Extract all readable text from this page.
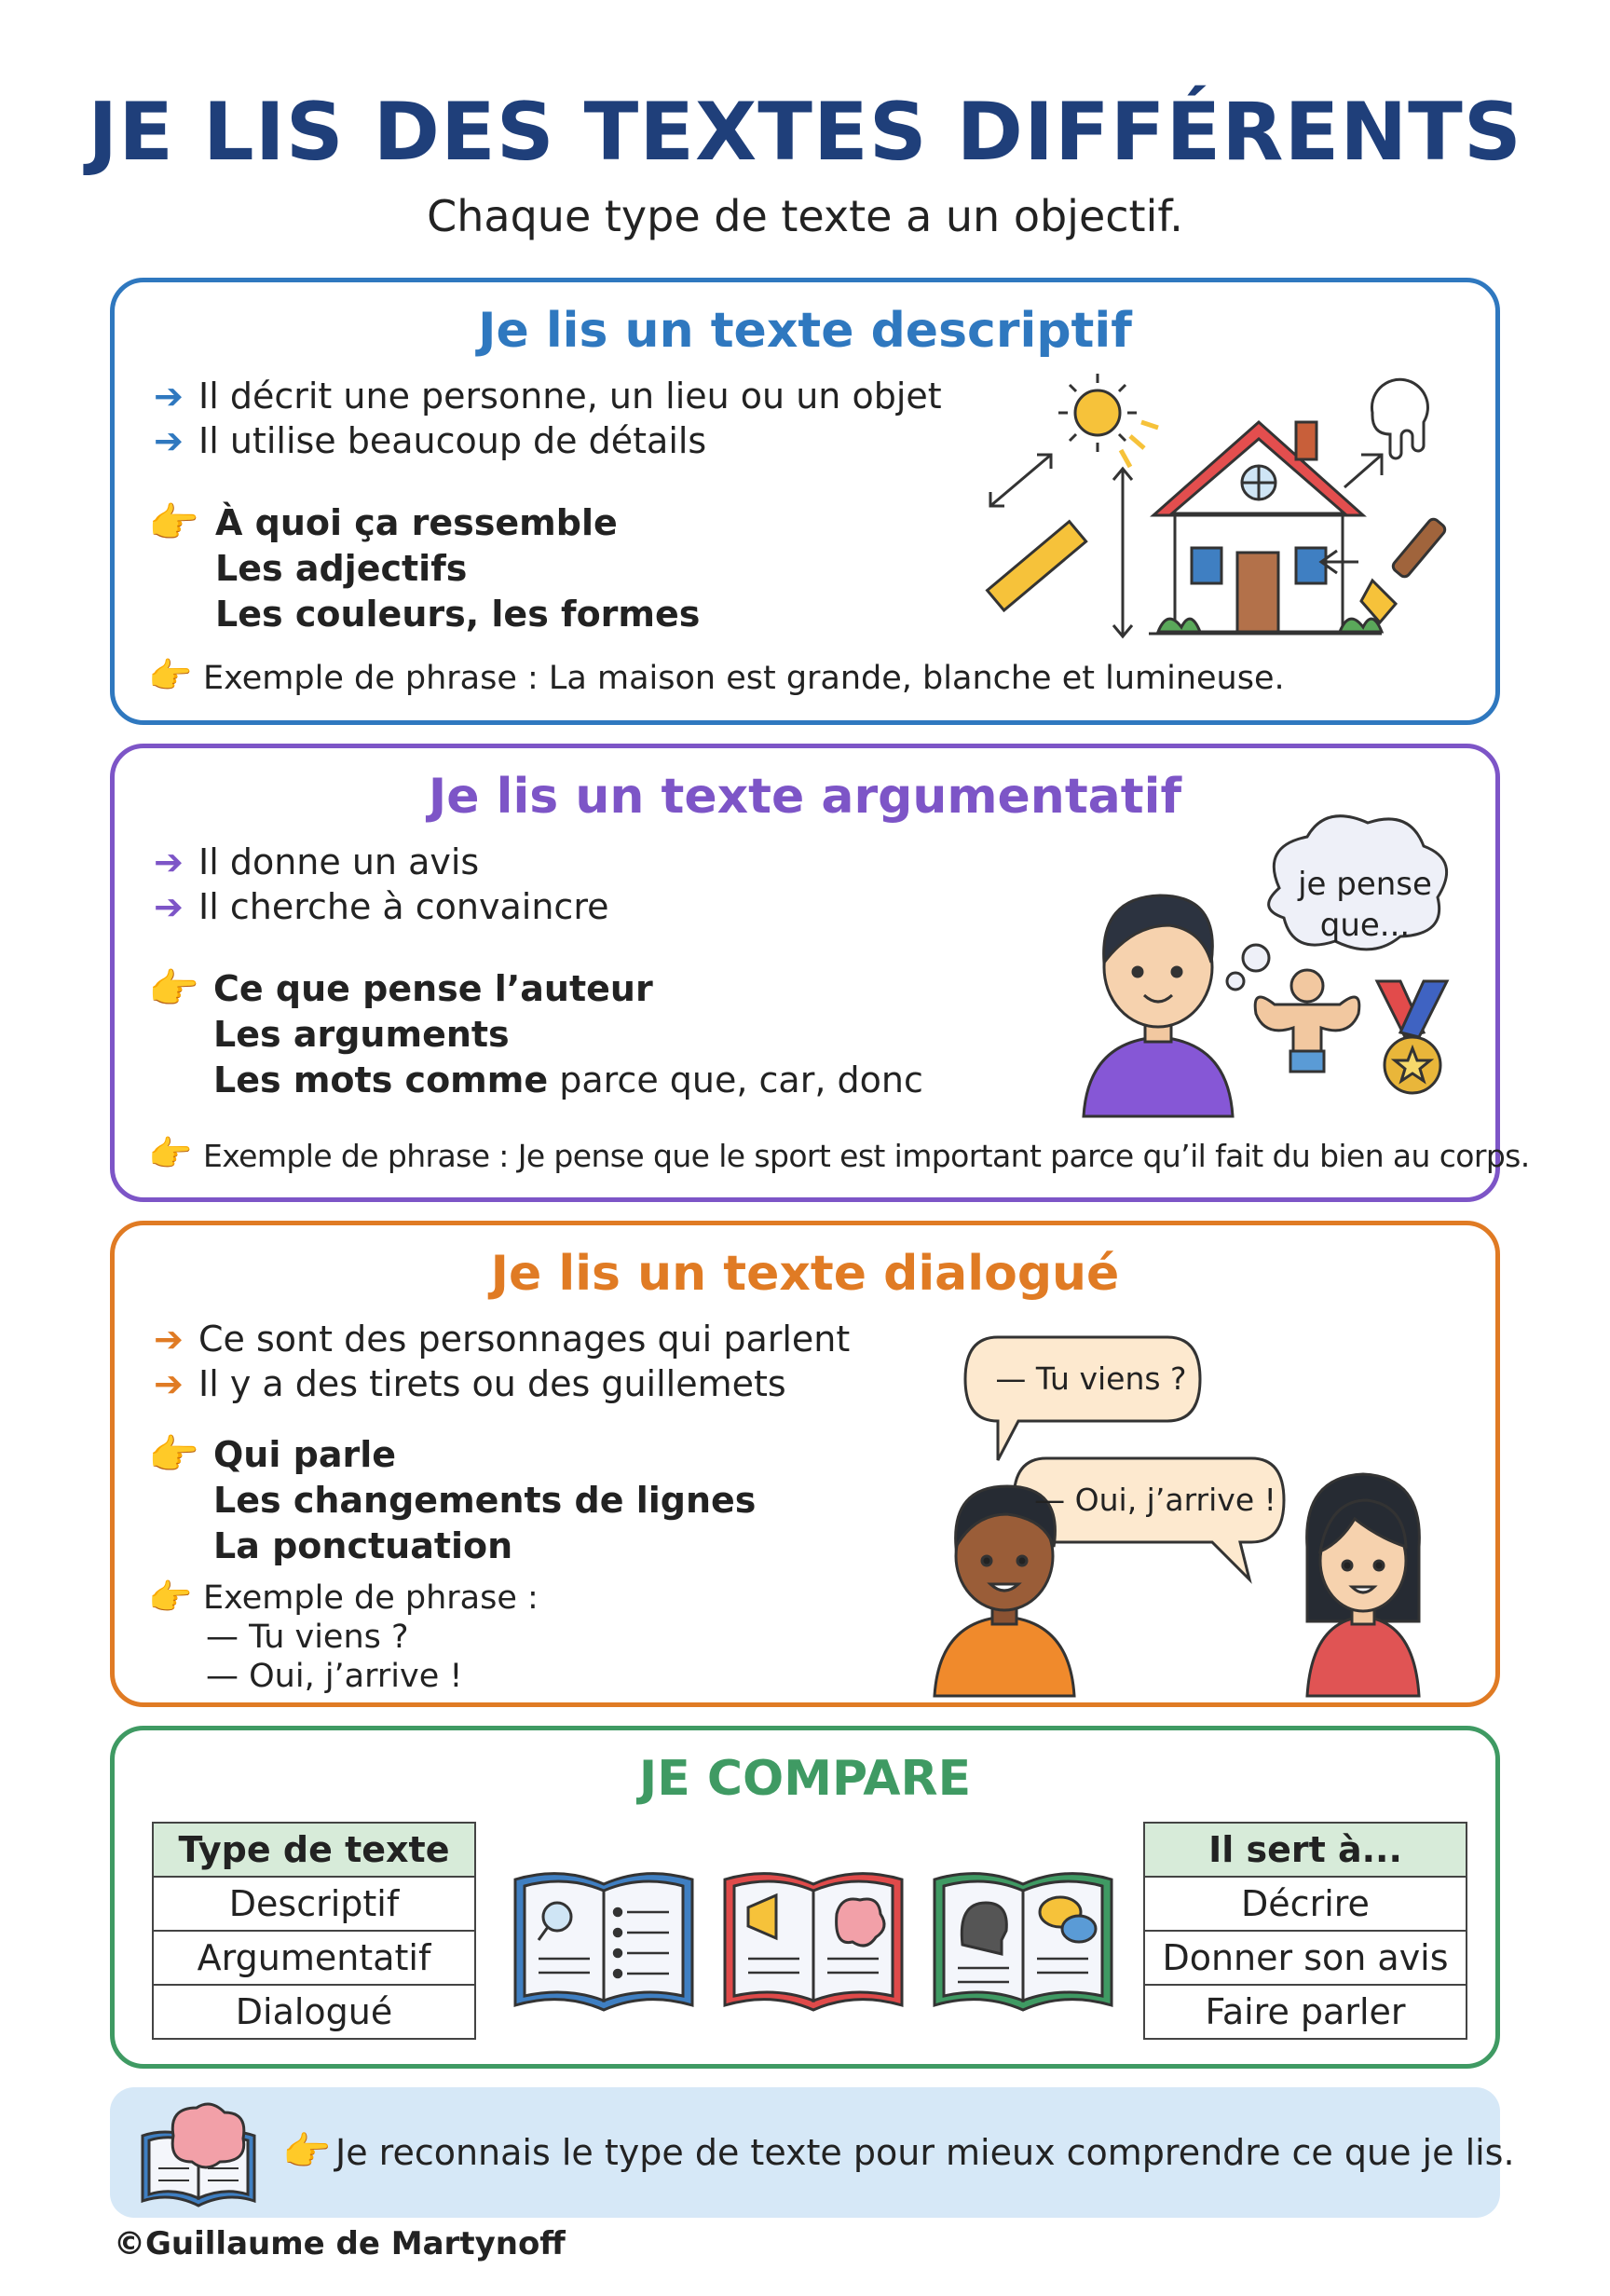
JE LIS DES TEXTES DIFFÉRENTS
Chaque type de texte a un objectif.
Je lis un texte descriptif
➔ Il décrit une personne, un lieu ou un objet
➔ Il utilise beaucoup de détails
👉 À quoi ça ressemble
Les adjectifs
Les couleurs, les formes
👉 Exemple de phrase : La maison est grande, blanche et lumineuse.
Je lis un texte argumentatif
➔ Il donne un avis
➔ Il cherche à convaincre
👉 Ce que pense l’auteur
Les arguments
Les mots comme parce que, car, donc
👉 Exemple de phrase : Je pense que le sport est important parce qu’il fait du bien au corps.
je pense
que...
Je lis un texte dialogué
➔ Ce sont des personnages qui parlent
➔ Il y a des tirets ou des guillemets
👉 Qui parle
Les changements de lignes
La ponctuation
👉 Exemple de phrase :
— Tu viens ?
— Oui, j’arrive !
— Tu viens ?
— Oui, j’arrive !
JE COMPARE
Type de texte
Descriptif
Argumentatif
Dialogué
Il sert à...
Décrire
Donner son avis
Faire parler
👉 Je reconnais le type de texte pour mieux comprendre ce que je lis.
©Guillaume de Martynoff
